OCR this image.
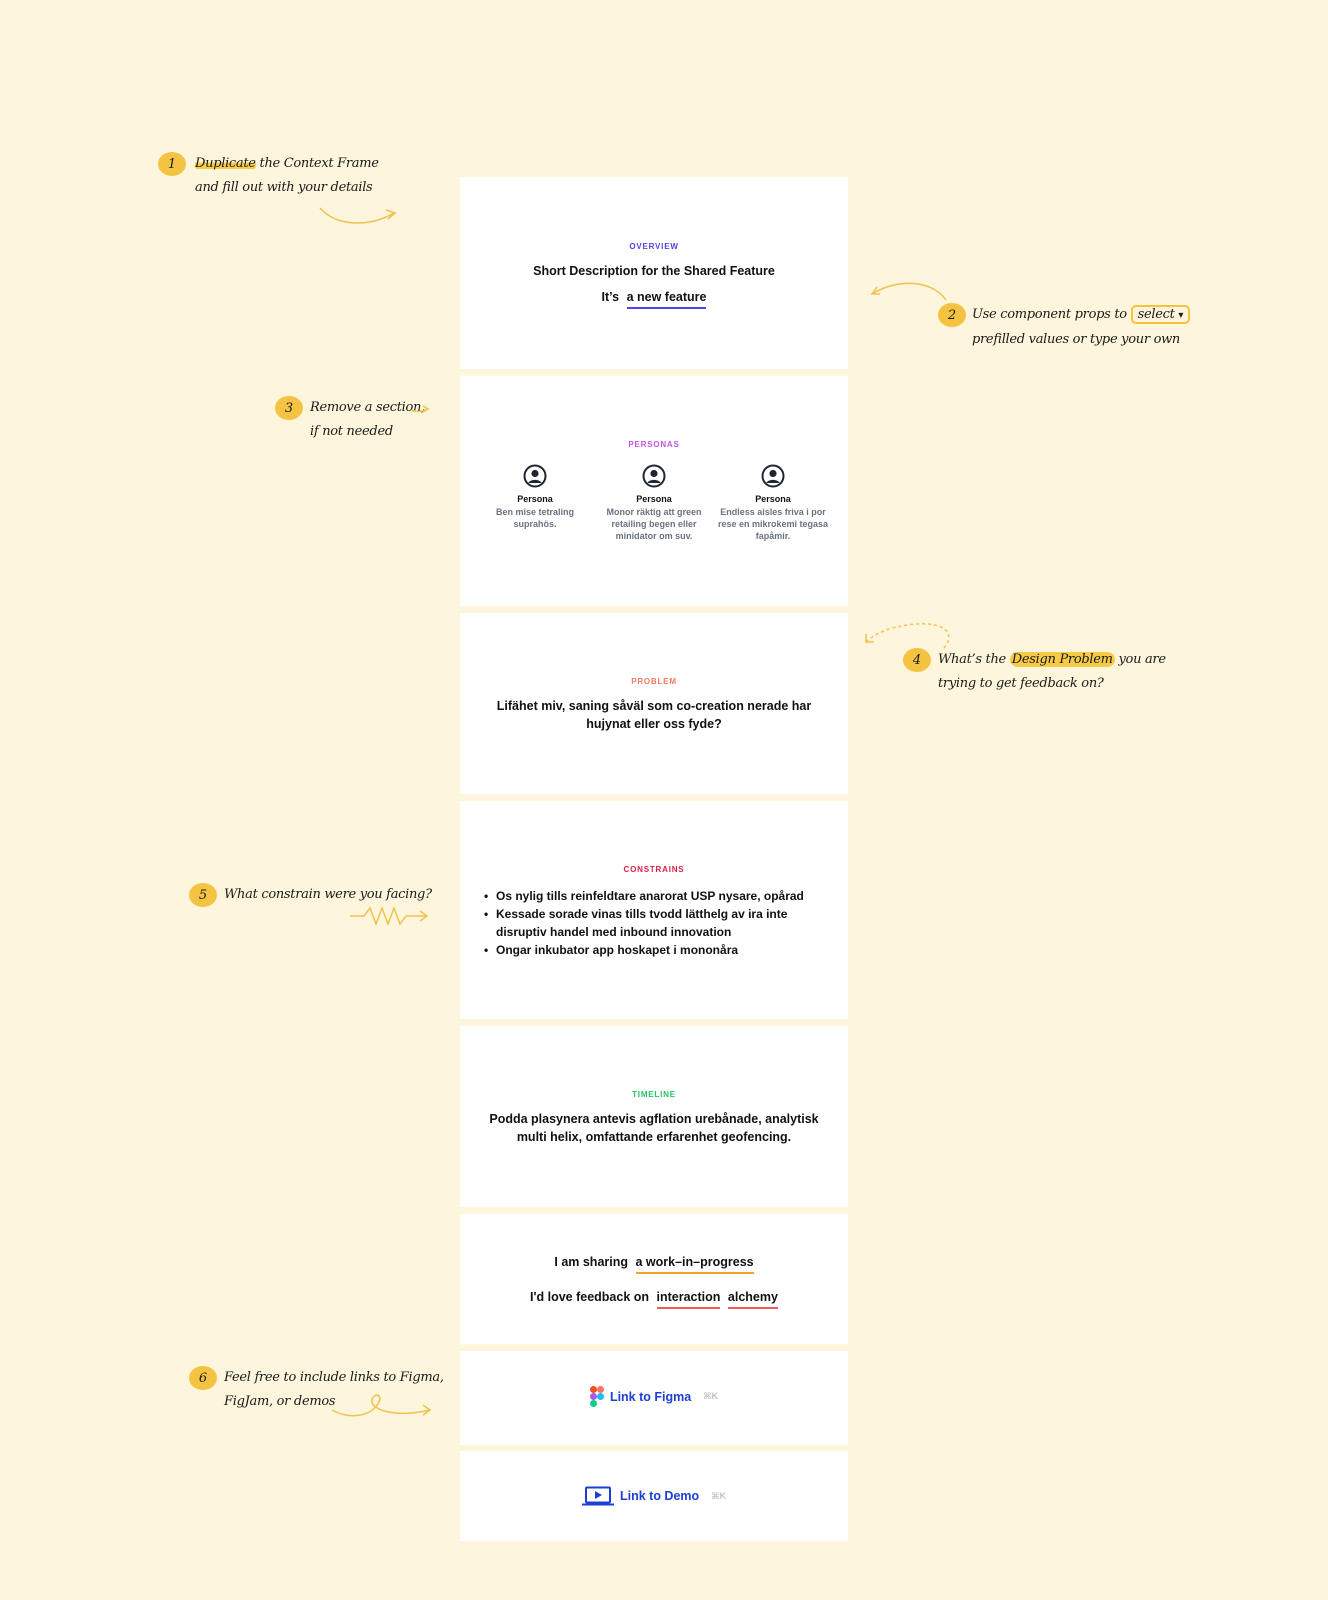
OVERVIEW
Short Description for the Shared Feature
It’s a new feature
PERSONAS
Persona
Ben mise tetraling suprahös.
Persona
Monor räktig att green retailing begen eller minidator om suv.
Persona
Endless aisles friva i por rese en mikrokemi tegasa fapåmir.
PROBLEM
Lifähet miv, saning såväl som co-creation nerade har hujynat eller oss fyde?
CONSTRAINS
• Os nylig tills reinfeldtare anarorat USP nysare, opårad
• Kessade sorade vinas tills tvodd lätthelg av ira inte disruptiv handel med inbound innovation
• Ongar inkubator app hoskapet i mononåra
TIMELINE
Podda plasynera antevis agflation urebånade, analytisk multi helix, omfattande erfarenhet geofencing.
I am sharing a work–in–progress
I'd love feedback on interaction alchemy
Link to Figma ⌘K
Link to Demo ⌘K
1	Duplicate the Context Frame
and fill out with your details
2	Use component props to select ▾
prefilled values or type your own
3	Remove a section,
if not needed
4	What’s the Design Problem you are
trying to get feedback on?
5	What constrain were you facing?
6	Feel free to include links to Figma,
FigJam, or demos
